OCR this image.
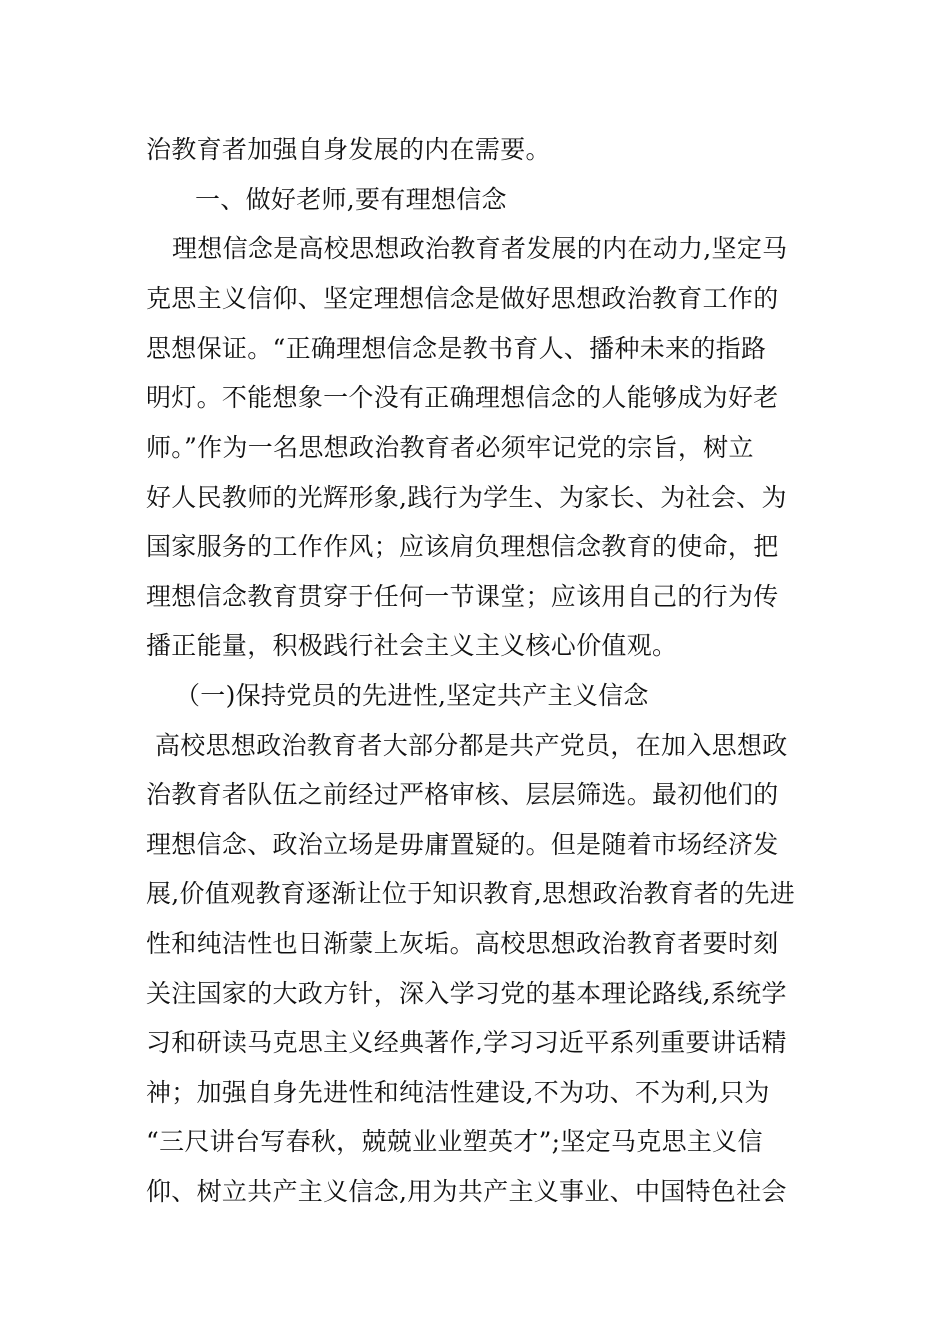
治教育者加强自身发展的内在需要。
一、做好老师,要有理想信念
理想信念是高校思想政治教育者发展的内在动力,坚定马
克思主义信仰、坚定理想信念是做好思想政治教育工作的
思想保证。“正确理想信念是教书育人、播种未来的指路
明灯。不能想象一个没有正确理想信念的人能够成为好老
师。”作为一名思想政治教育者必须牢记党的宗旨，树立
好人民教师的光辉形象,践行为学生、为家长、为社会、为
国家服务的工作作风；应该肩负理想信念教育的使命，把
理想信念教育贯穿于任何一节课堂；应该用自己的行为传
播正能量，积极践行社会主义主义核心价值观。
（一)保持党员的先进性,坚定共产主义信念
高校思想政治教育者大部分都是共产党员，在加入思想政
治教育者队伍之前经过严格审核、层层筛选。最初他们的
理想信念、政治立场是毋庸置疑的。但是随着市场经济发
展,价值观教育逐渐让位于知识教育,思想政治教育者的先进
性和纯洁性也日渐蒙上灰垢。高校思想政治教育者要时刻
关注国家的大政方针，深入学习党的基本理论路线,系统学
习和研读马克思主义经典著作,学习习近平系列重要讲话精
神；加强自身先进性和纯洁性建设,不为功、不为利,只为
“三尺讲台写春秋，兢兢业业塑英才”;坚定马克思主义信
仰、树立共产主义信念,用为共产主义事业、中国特色社会
